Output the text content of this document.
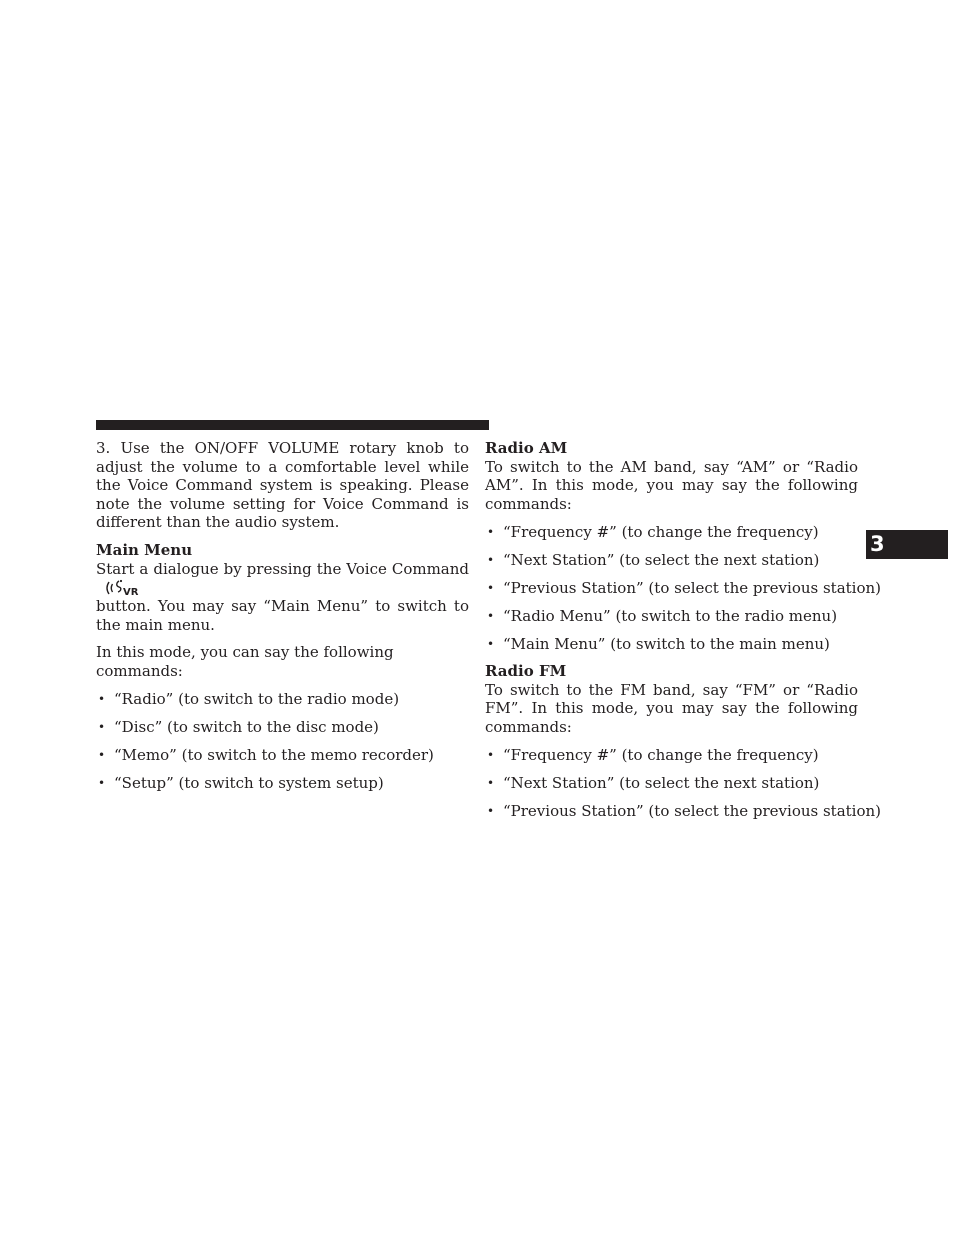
3. Use the ON/OFF VOLUME rotary knob to adjust the volume to a comfortable level while the Voice Command system is speaking. Please note the volume setting for Voice Command is different than the audio system.

Main Menu

Start a dialogue by pressing the Voice Command
VR
button. You may say “Main Menu” to switch to the main menu.

In this mode, you can say the following commands:

• “Radio” (to switch to the radio mode)
• “Disc” (to switch to the disc mode)
• “Memo” (to switch to the memo recorder)
• “Setup” (to switch to system setup)

Radio AM

To switch to the AM band, say “AM” or “Radio AM”. In this mode, you may say the following commands:

• “Frequency #” (to change the frequency)
• “Next Station” (to select the next station)
• “Previous Station” (to select the previous station)
• “Radio Menu” (to switch to the radio menu)
• “Main Menu” (to switch to the main menu)

Radio FM

To switch to the FM band, say “FM” or “Radio FM”. In this mode, you may say the following commands:

• “Frequency #” (to change the frequency)
• “Next Station” (to select the next station)
• “Previous Station” (to select the previous station)
3
